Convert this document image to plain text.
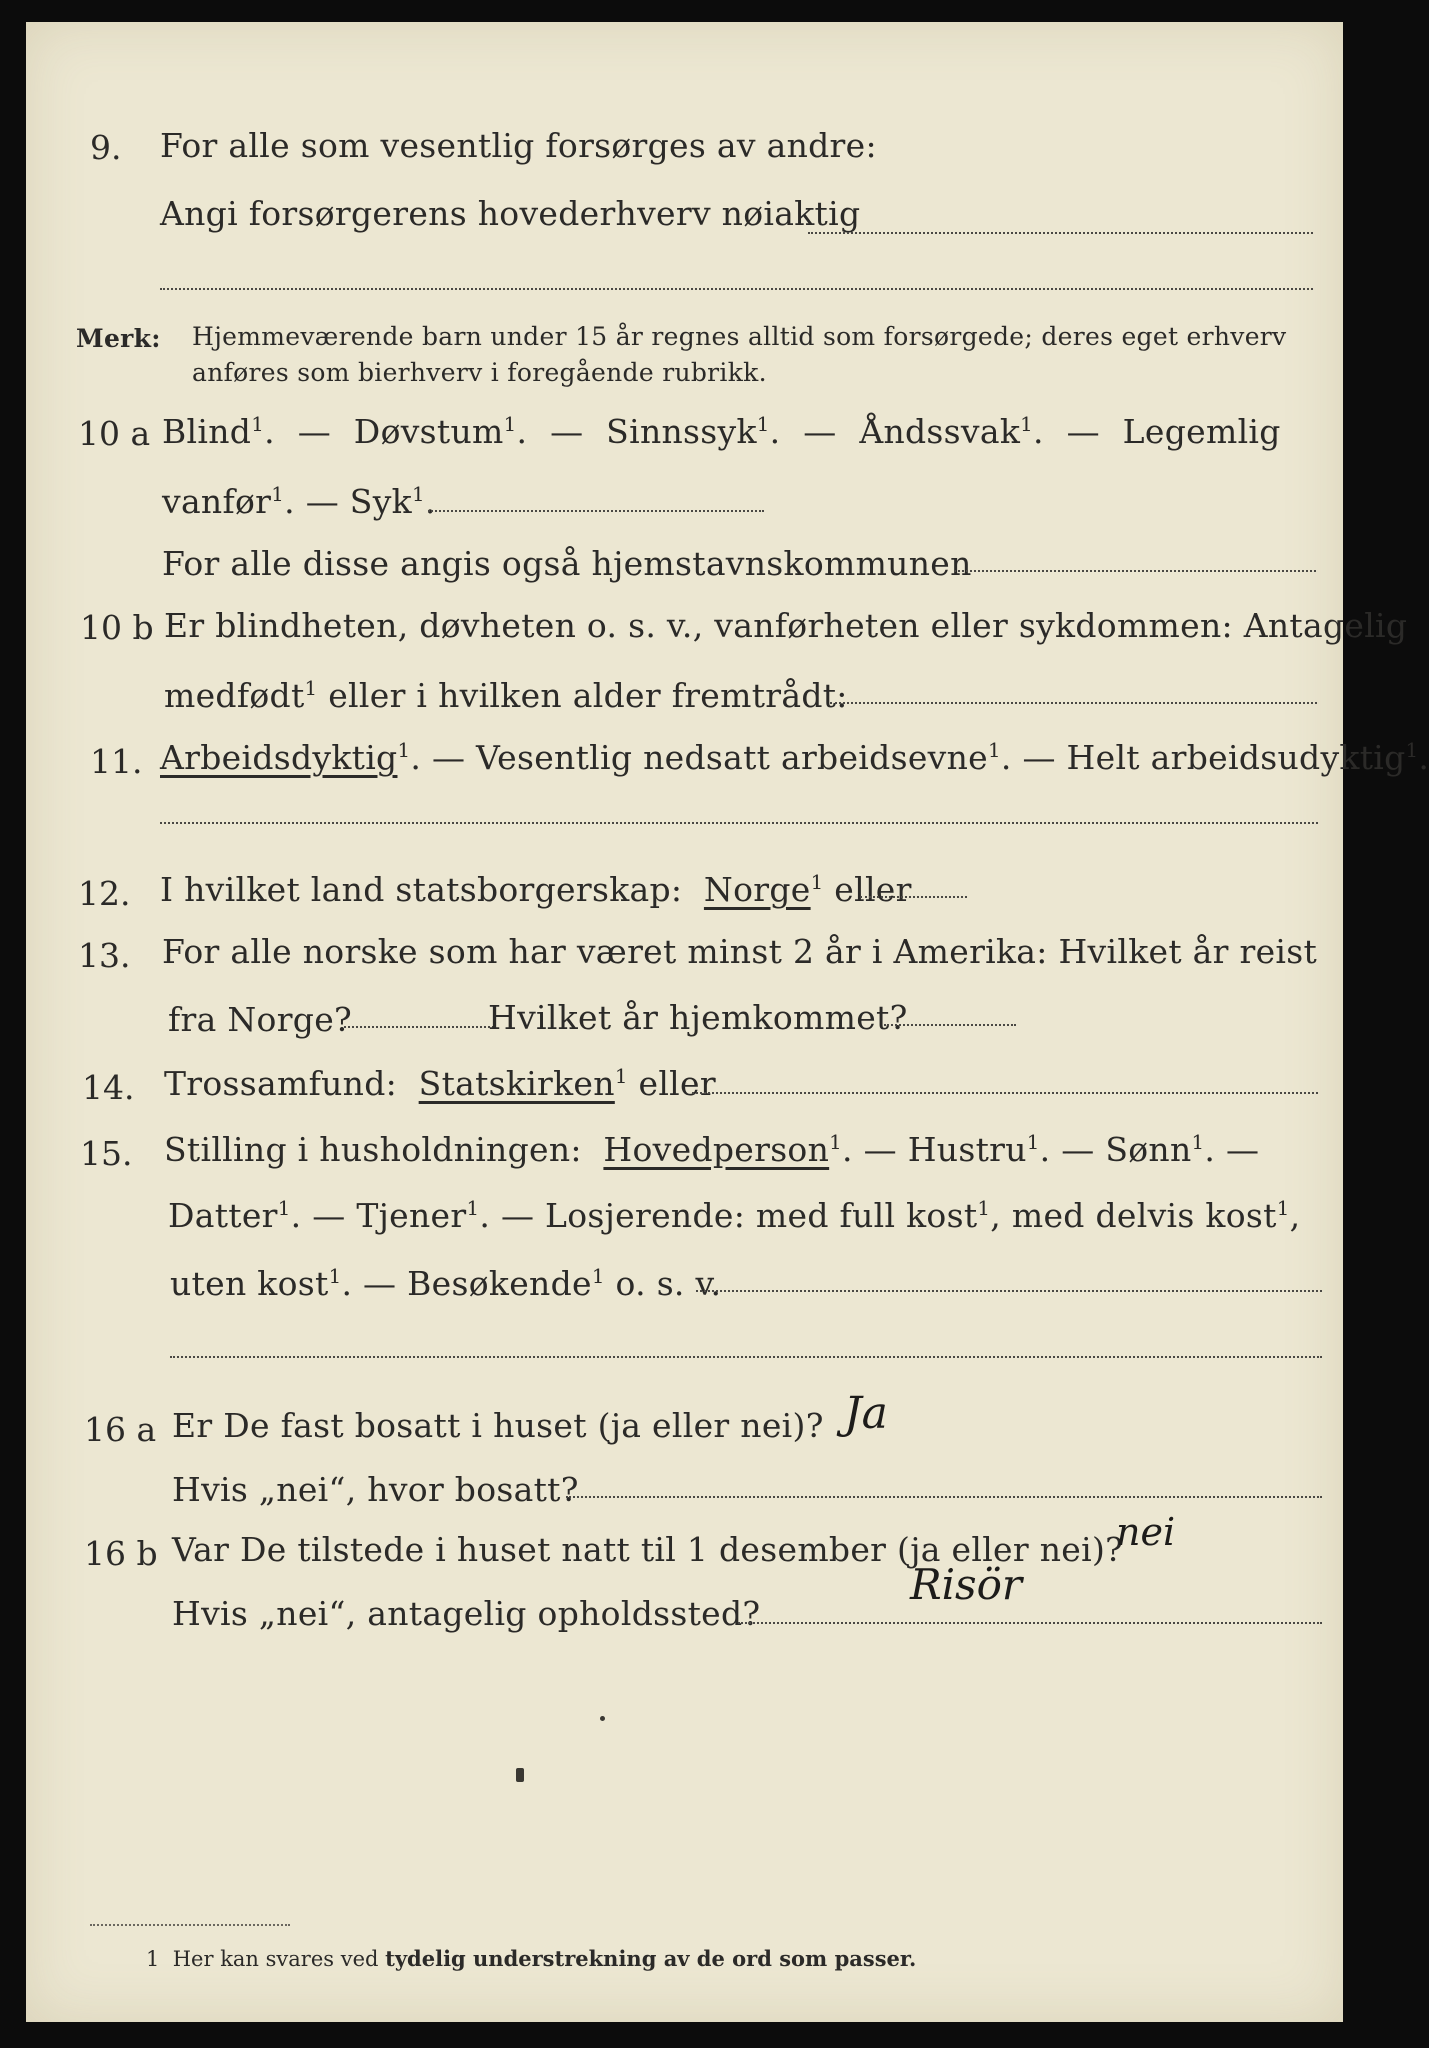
9. For alle som vesentlig forsørges av andre:
Angi forsørgerens hovederhverv nøiaktig
Merk: Hjemmeværende barn under 15 år regnes alltid som forsørgede; deres eget erhverv
anføres som bierhverv i foregående rubrikk.
10 a Blind$^1$. — Døvstum$^1$. — Sinnssyk$^1$. — Åndssvak$^1$. — Legemlig
vanfør$^1$. — Syk$^1$.
For alle disse angis også hjemstavnskommunen
10 b Er blindheten, døvheten o. s. v., vanførheten eller sykdommen: Antagelig
medfødt$^1$ eller i hvilken alder fremtrådt:
11. Arbeidsdyktig$^1$. — Vesentlig nedsatt arbeidsevne$^1$. — Helt arbeidsudyktig$^1$.
12. I hvilket land statsborgerskap: Norge$^1$ eller
13. For alle norske som har været minst 2 år i Amerika: Hvilket år reist
fra Norge?	Hvilket år hjemkommet?
14. Trossamfund: Statskirken$^1$ eller
15. Stilling i husholdningen: Hovedperson$^1$. — Hustru$^1$. — Sønn$^1$. —
Datter$^1$. — Tjener$^1$. — Losjerende: med full kost$^1$, med delvis kost$^1$,
uten kost$^1$. — Besøkende$^1$ o. s. v.
16 a Er De fast bosatt i huset (ja eller nei)? Ja
Hvis „nei“, hvor bosatt?
16 b Var De tilstede i huset natt til 1 desember (ja eller nei)?
nei
Hvis „nei“, antagelig opholdssted?
Risör
1 Her kan svares ved tydelig understrekning av de ord som passer.
